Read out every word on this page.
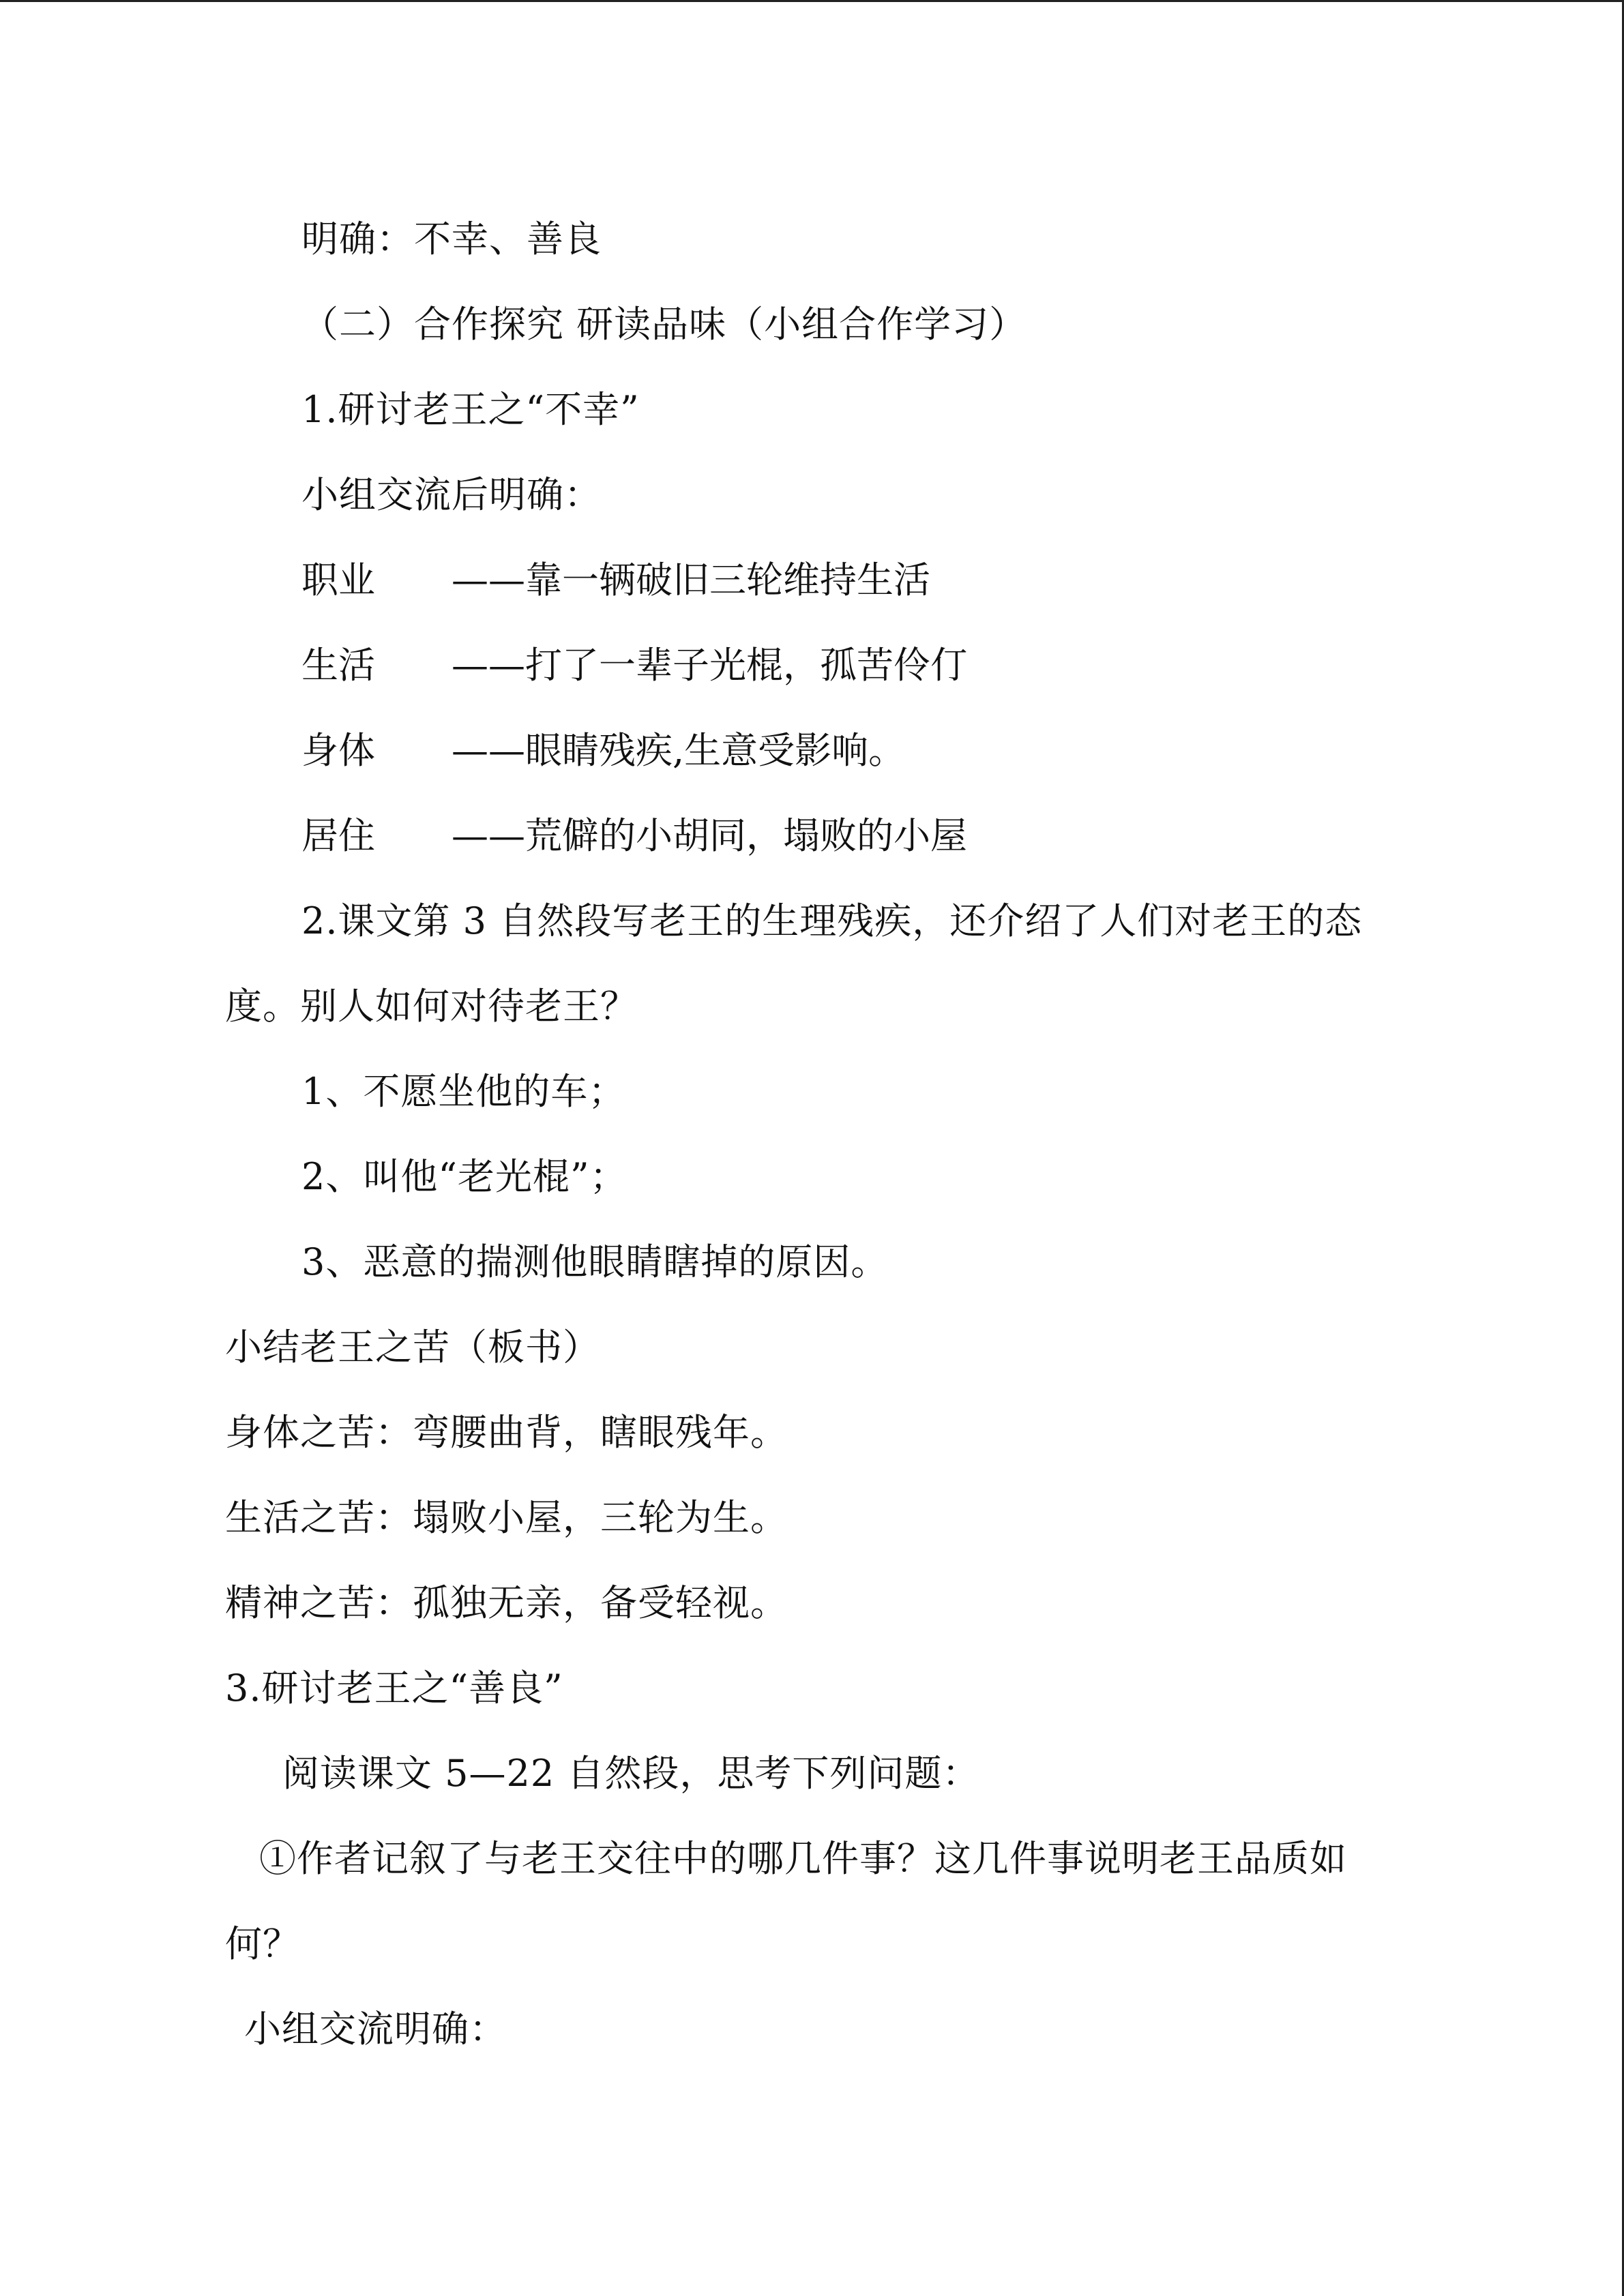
明确：不幸、善良
（二）合作探究 研读品味（小组合作学习）
1.研讨老王之“不幸”
小组交流后明确：
职业 ——靠一辆破旧三轮维持生活
生活 ——打了一辈子光棍，孤苦伶仃
身体 ——眼睛残疾,生意受影响。
居住 ——荒僻的小胡同，塌败的小屋
2.课文第 3 自然段写老王的生理残疾，还介绍了人们对老王的态
度。别人如何对待老王？
1、不愿坐他的车；
2、叫他“老光棍”；
3、恶意的揣测他眼睛瞎掉的原因。
小结老王之苦（板书）
身体之苦：弯腰曲背，瞎眼残年。
生活之苦：塌败小屋，三轮为生。
精神之苦：孤独无亲，备受轻视。
3.研讨老王之“善良”
阅读课文 5—22 自然段，思考下列问题：
①作者记叙了与老王交往中的哪几件事？这几件事说明老王品质如
何？
小组交流明确：
